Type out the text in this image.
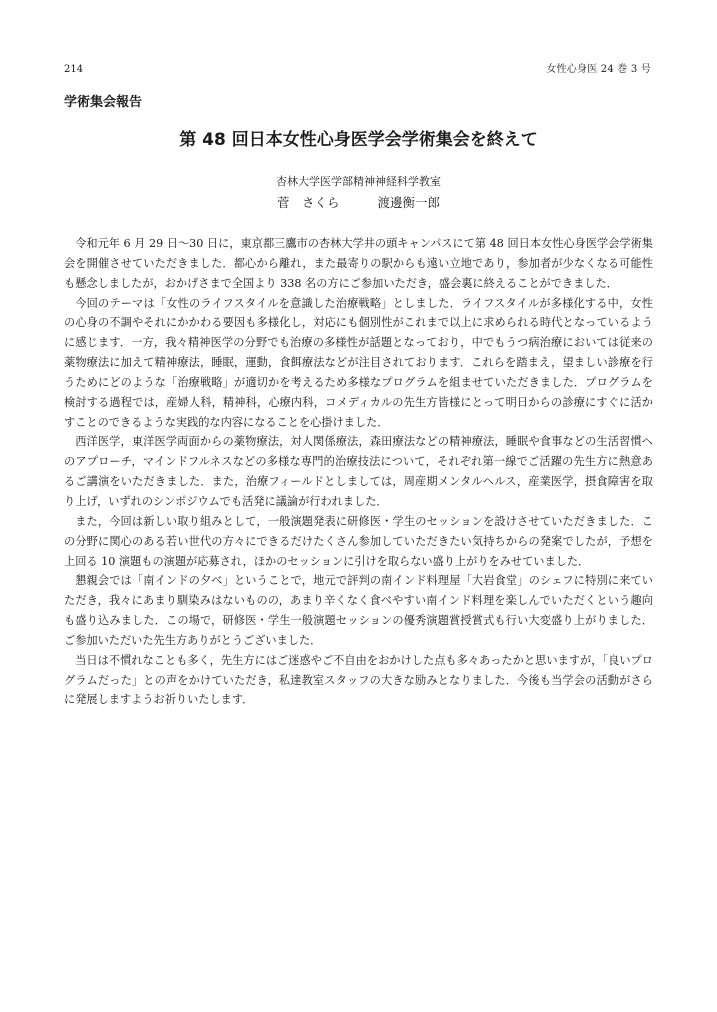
214	女性心身医 24 巻 3 号
学術集会報告
第 48 回日本女性心身医学会学術集会を終えて
杏林大学医学部精神神経科学教室
菅　さくら	渡邊衡一郎

令和元年 6 月 29 日～30 日に，東京都三鷹市の杏林大学井の頭キャンパスにて第 48 回日本女性心身医学会学術集会を開催させていただきました．都心から離れ，また最寄りの駅からも遠い立地であり，参加者が少なくなる可能性も懸念しましたが，おかげさまで全国より 338 名の方にご参加いただき，盛会裏に終えることができました．

今回のテーマは「女性のライフスタイルを意識した治療戦略」としました．ライフスタイルが多様化する中，女性の心身の不調やそれにかかわる要因も多様化し，対応にも個別性がこれまで以上に求められる時代となっているように感じます．一方，我々精神医学の分野でも治療の多様性が話題となっており，中でもうつ病治療においては従来の薬物療法に加えて精神療法，睡眠，運動，食餌療法などが注目されております．これらを踏まえ，望ましい診療を行うためにどのような「治療戦略」が適切かを考えるため多様なプログラムを組ませていただきました．プログラムを検討する過程では，産婦人科，精神科，心療内科，コメディカルの先生方皆様にとって明日からの診療にすぐに活かすことのできるような実践的な内容になることを心掛けました．

西洋医学，東洋医学両面からの薬物療法，対人関係療法，森田療法などの精神療法，睡眠や食事などの生活習慣へのアプローチ，マインドフルネスなどの多様な専門的治療技法について，それぞれ第一線でご活躍の先生方に熱意あるご講演をいただきました．また，治療フィールドとしましては，周産期メンタルヘルス，産業医学，摂食障害を取り上げ，いずれのシンポジウムでも活発に議論が行われました．

また，今回は新しい取り組みとして，一般演題発表に研修医・学生のセッションを設けさせていただきました．この分野に関心のある若い世代の方々にできるだけたくさん参加していただきたい気持ちからの発案でしたが，予想を上回る 10 演題もの演題が応募され，ほかのセッションに引けを取らない盛り上がりをみせていました．

懇親会では「南インドの夕べ」ということで，地元で評判の南インド料理屋「大岩食堂」のシェフに特別に来ていただき，我々にあまり馴染みはないものの，あまり辛くなく食べやすい南インド料理を楽しんでいただくという趣向も盛り込みました．この場で，研修医・学生一般演題セッションの優秀演題賞授賞式も行い大変盛り上がりました．ご参加いただいた先生方ありがとうございました．

当日は不慣れなことも多く，先生方にはご迷惑やご不自由をおかけした点も多々あったかと思いますが，「良いプログラムだった」との声をかけていただき，私達教室スタッフの大きな励みとなりました．今後も当学会の活動がさらに発展しますようお祈りいたします．
